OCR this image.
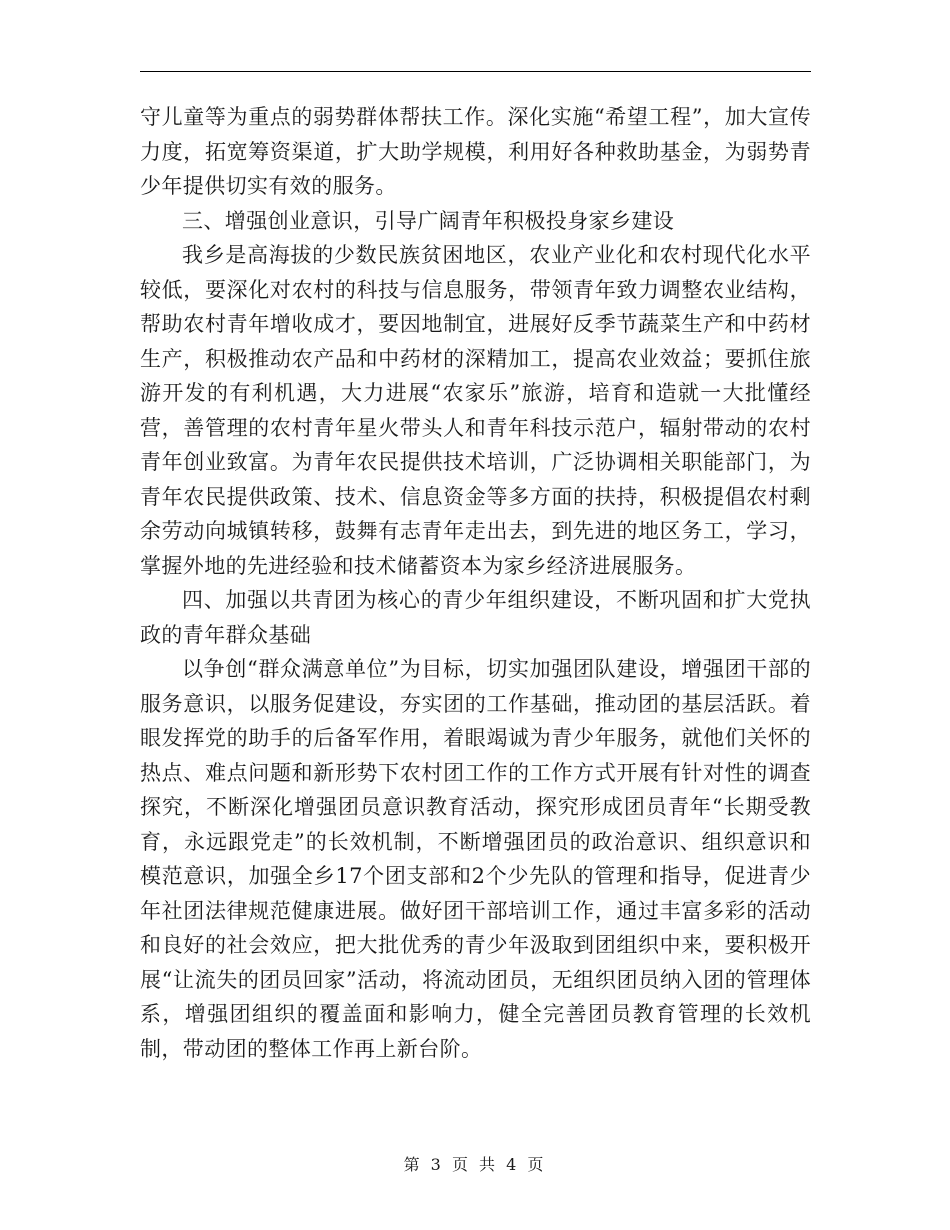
守儿童等为重点的弱势群体帮扶工作。深化实施“希望工程”，加大宣传力度，拓宽筹资渠道，扩大助学规模，利用好各种救助基金，为弱势青少年提供切实有效的服务。

三、增强创业意识，引导广阔青年积极投身家乡建设

我乡是高海拔的少数民族贫困地区，农业产业化和农村现代化水平较低，要深化对农村的科技与信息服务，带领青年致力调整农业结构，帮助农村青年增收成才，要因地制宜，进展好反季节蔬菜生产和中药材生产，积极推动农产品和中药材的深精加工，提高农业效益；要抓住旅游开发的有利机遇，大力进展“农家乐”旅游，培育和造就一大批懂经营，善管理的农村青年星火带头人和青年科技示范户，辐射带动的农村青年创业致富。为青年农民提供技术培训，广泛协调相关职能部门，为青年农民提供政策、技术、信息资金等多方面的扶持，积极提倡农村剩余劳动向城镇转移，鼓舞有志青年走出去，到先进的地区务工，学习，掌握外地的先进经验和技术储蓄资本为家乡经济进展服务。

四、加强以共青团为核心的青少年组织建设，不断巩固和扩大党执政的青年群众基础

以争创“群众满意单位”为目标，切实加强团队建设，增强团干部的服务意识，以服务促建设，夯实团的工作基础，推动团的基层活跃。着眼发挥党的助手的后备军作用，着眼竭诚为青少年服务，就他们关怀的热点、难点问题和新形势下农村团工作的工作方式开展有针对性的调查探究，不断深化增强团员意识教育活动，探究形成团员青年“长期受教育，永远跟党走”的长效机制，不断增强团员的政治意识、组织意识和模范意识，加强全乡17个团支部和2个少先队的管理和指导，促进青少年社团法律规范健康进展。做好团干部培训工作，通过丰富多彩的活动和良好的社会效应，把大批优秀的青少年汲取到团组织中来，要积极开展“让流失的团员回家”活动，将流动团员，无组织团员纳入团的管理体系，增强团组织的覆盖面和影响力，健全完善团员教育管理的长效机制，带动团的整体工作再上新台阶。

第 3 页 共 4 页
